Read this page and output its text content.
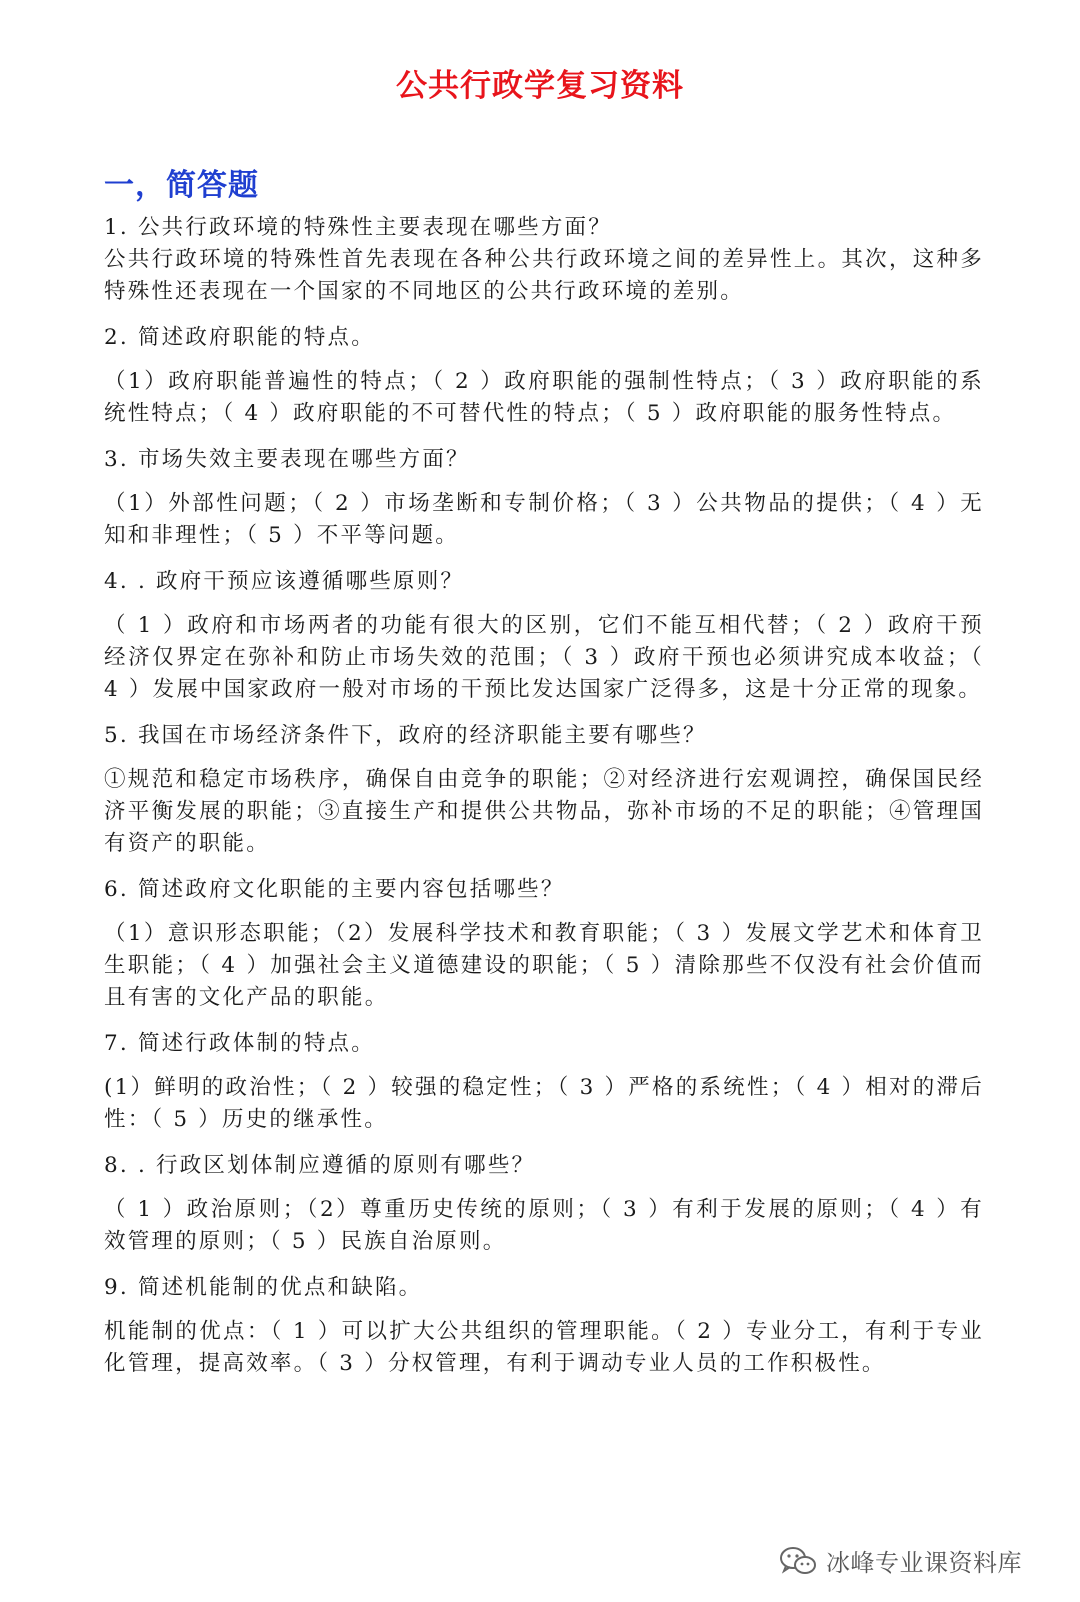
公共行政学复习资料
一，简答题

1. 公共行政环境的特殊性主要表现在哪些方面？

公共行政环境的特殊性首先表现在各种公共行政环境之间的差异性上。其次，这种多特殊性还表现在一个国家的不同地区的公共行政环境的差别。

2. 简述政府职能的特点。

（1）政府职能普遍性的特点；（ 2 ）政府职能的强制性特点；（ 3 ）政府职能的系统性特点；（ 4 ）政府职能的不可替代性的特点；（ 5 ）政府职能的服务性特点。

3. 市场失效主要表现在哪些方面？

（1）外部性问题；（ 2 ）市场垄断和专制价格；（ 3 ）公共物品的提供；（ 4 ）无知和非理性；（ 5 ）不平等问题。

4. . 政府干预应该遵循哪些原则？

（ 1 ）政府和市场两者的功能有很大的区别，它们不能互相代替；（ 2 ）政府干预经济仅界定在弥补和防止市场失效的范围；（ 3 ）政府干预也必须讲究成本收益；（ 4 ）发展中国家政府一般对市场的干预比发达国家广泛得多，这是十分正常的现象。

5. 我国在市场经济条件下，政府的经济职能主要有哪些？

①规范和稳定市场秩序，确保自由竞争的职能；②对经济进行宏观调控，确保国民经济平衡发展的职能；③直接生产和提供公共物品，弥补市场的不足的职能；④管理国有资产的职能。

6. 简述政府文化职能的主要内容包括哪些？

（1）意识形态职能；（2）发展科学技术和教育职能；（ 3 ）发展文学艺术和体育卫生职能；（ 4 ）加强社会主义道德建设的职能；（ 5 ）清除那些不仅没有社会价值而且有害的文化产品的职能。

7. 简述行政体制的特点。

(1）鲜明的政治性；（ 2 ）较强的稳定性；（ 3 ）严格的系统性；（ 4 ）相对的滞后性：（ 5 ）历史的继承性。

8. . 行政区划体制应遵循的原则有哪些？

（ 1 ）政治原则；（2）尊重历史传统的原则；（ 3 ）有利于发展的原则；（ 4 ）有效管理的原则；（ 5 ）民族自治原则。

9. 简述机能制的优点和缺陷。

机能制的优点：（ 1 ）可以扩大公共组织的管理职能。（ 2 ）专业分工，有利于专业化管理，提高效率。（ 3 ）分权管理，有利于调动专业人员的工作积极性。

冰峰专业课资料库
